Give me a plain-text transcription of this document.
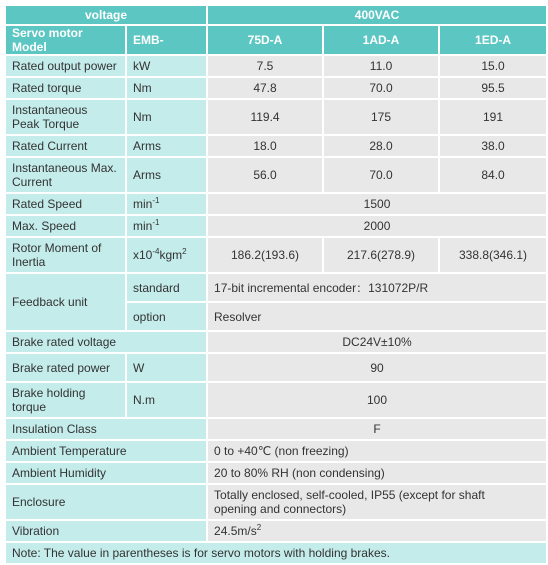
voltage		400VAC		
Servo motor Model	EMB-	75D-A	1AD-A	1ED-A
Rated output power	kW	7.5	11.0	15.0
Rated torque	Nm	47.8	70.0	95.5
Instantaneous
Peak Torque	Nm	119.4	175	191
Rated Current	Arms	18.0	28.0	38.0
Instantaneous Max.
Current	Arms	56.0	70.0	84.0
Rated Speed	$\min^{-1}$	1500		
Max. Speed	$\min^{-1}$	2000		
Rotor Moment of
Inertia	$x10^{-4}kgm^2$	186.2(193.6)	217.6(278.9)	338.8(346.1)
Feedback unit	standard	17-bit incremental encoder：131072P/R		
	option	Resolver		
Brake rated voltage		DC24V±10%		
Brake rated power	W	90		
Brake holding
torque	N.m	100		
Insulation Class		F		
Ambient Temperature		0 to +40℃ (non freezing)		
Ambient Humidity		20 to 80% RH (non condensing)		
Enclosure		Totally enclosed, self-cooled, IP55 (except for shaft
opening and connectors)		
Vibration		$24.5m/s^2$
Note: The value in parentheses is for servo motors with holding brakes.				
